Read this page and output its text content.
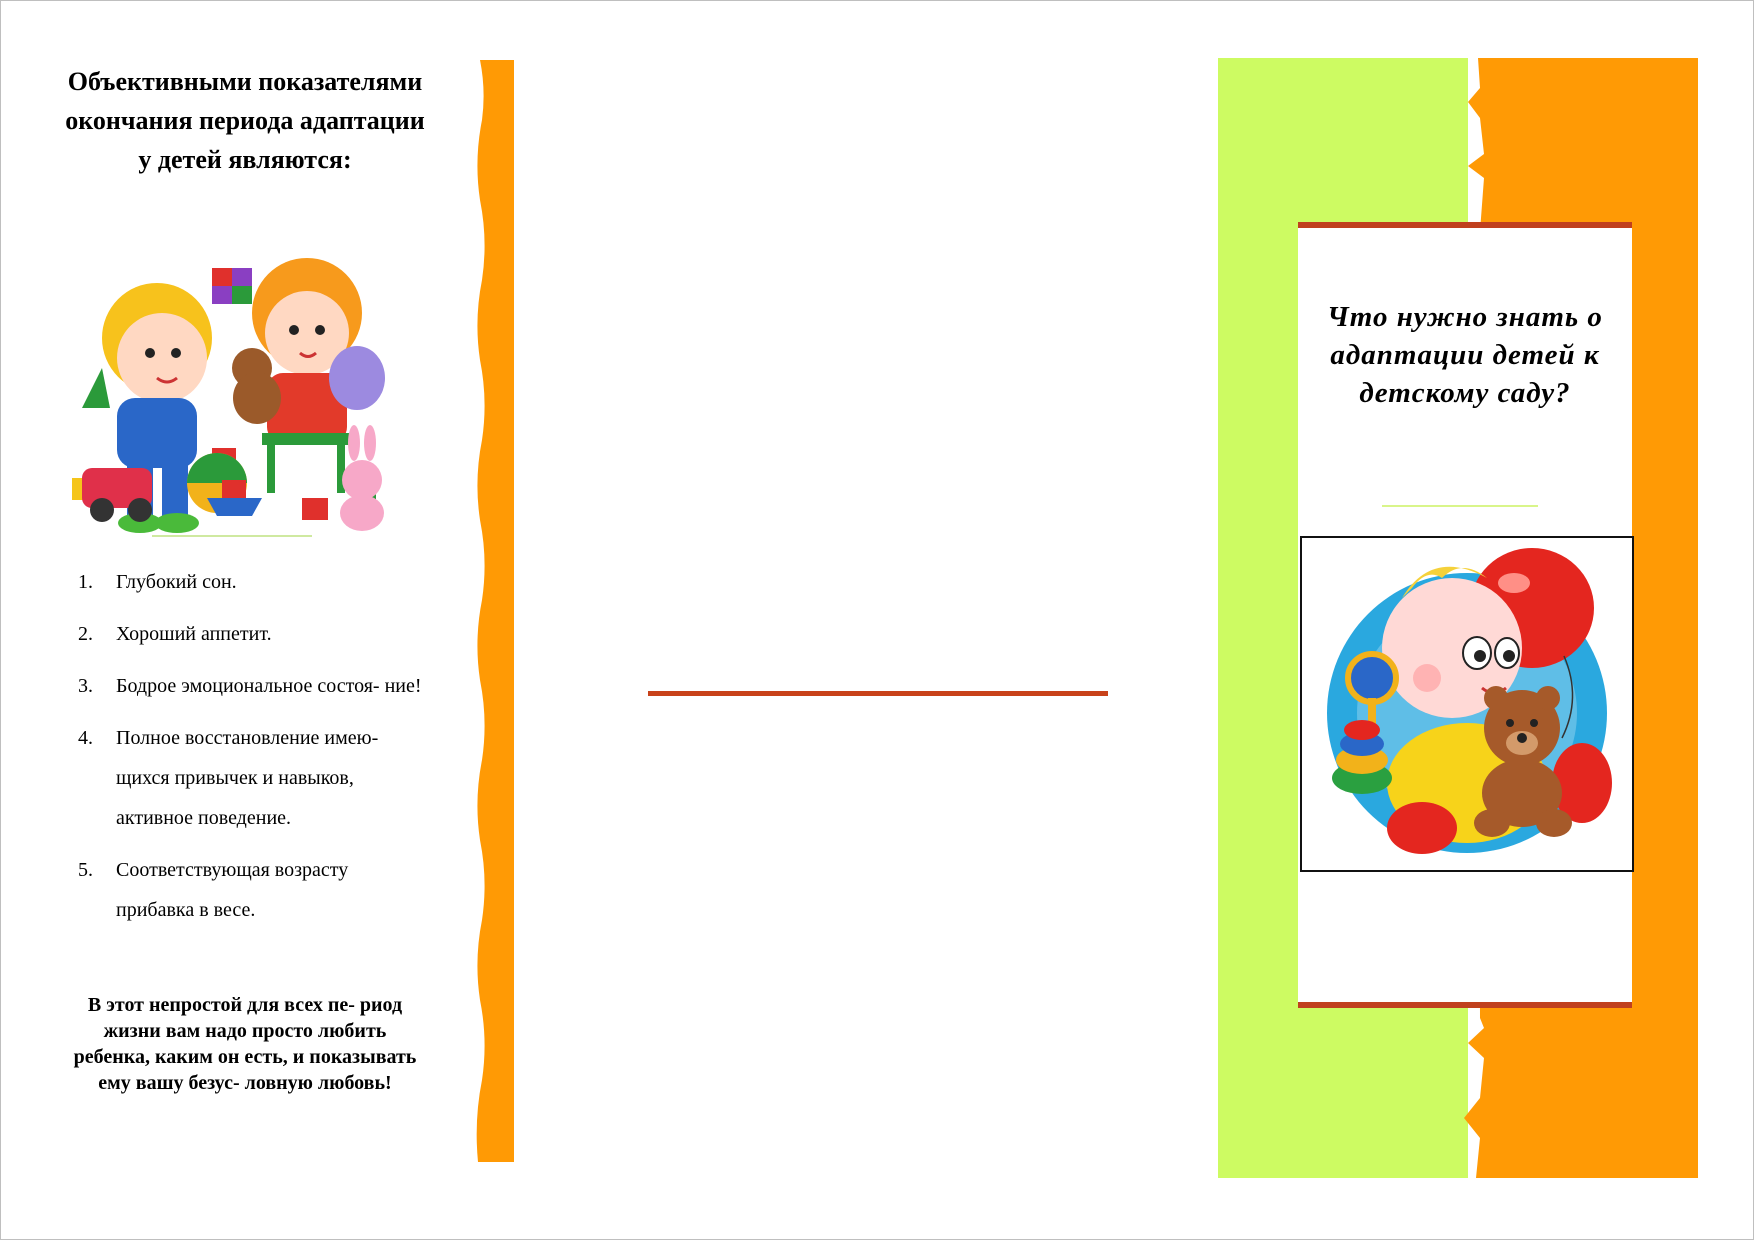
Объективными показателями окончания периода адаптации у детей являются:
1. Глубокий сон.
2. Хороший аппетит.
3. Бодрое эмоциональное состоя- ние!
4. Полное восстановление имею- щихся привычек и навыков, активное поведение.
5. Соответствующая возрасту прибавка в весе.
В этот непростой для всех пе- риод жизни вам надо просто любить ребенка, каким он есть, и показывать ему вашу безус- ловную любовь!
Что нужно знать о адаптации детей к детскому саду?
